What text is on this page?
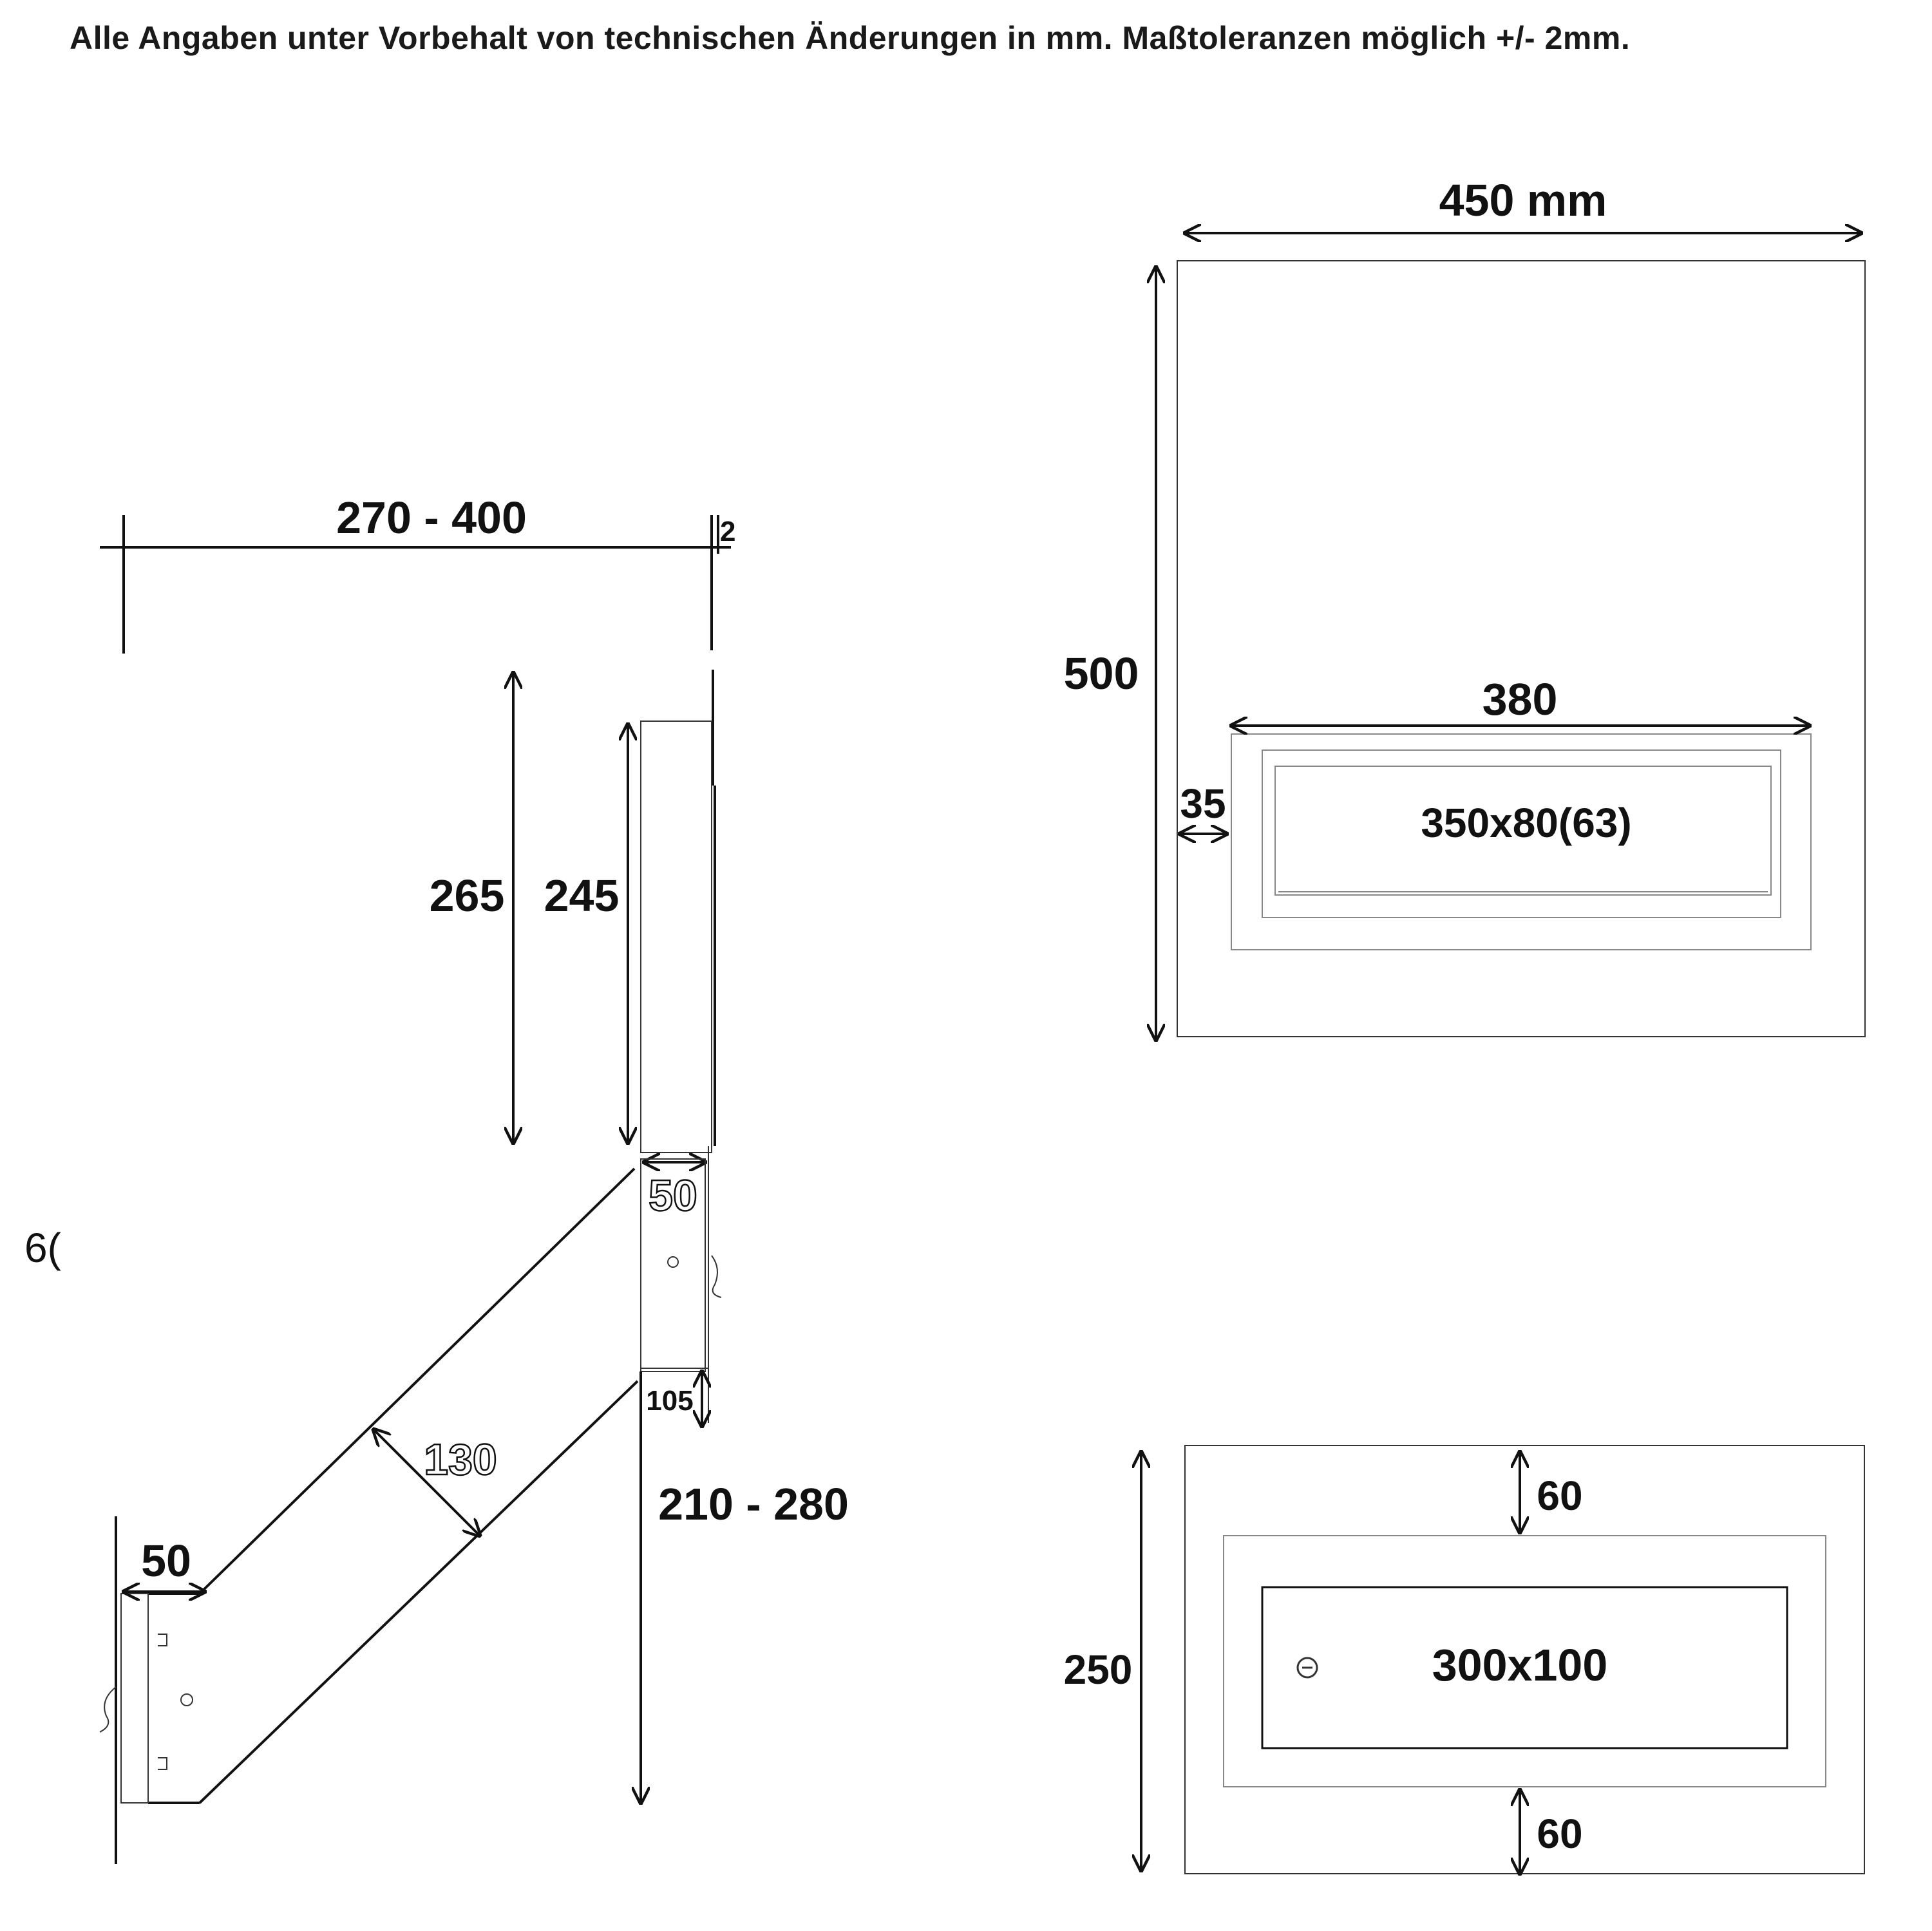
Alle Angaben unter Vorbehalt von technischen Änderungen in mm. Maßtoleranzen möglich +/- 2mm.
270 - 400	2
265 245
50
105
210 - 280
130
50
6(
450 mm
500
380
35	350x80(63)
300x100
250
60
60
